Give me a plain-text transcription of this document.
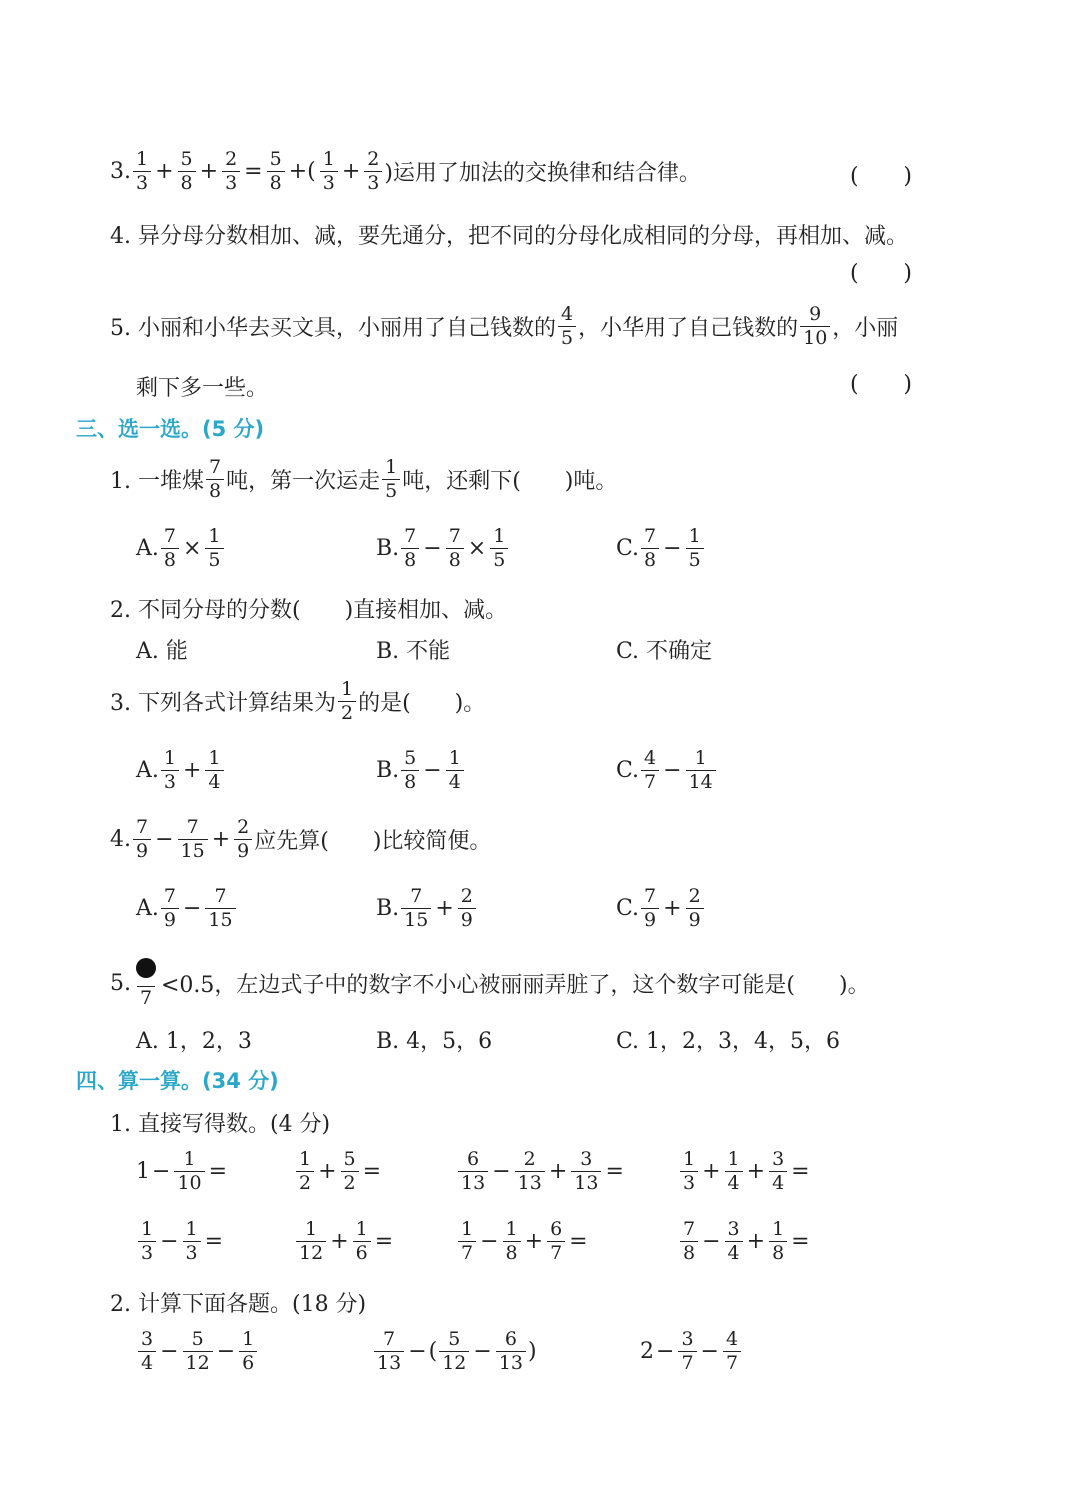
3. $\frac{1}{3} + \frac{5}{8} + \frac{2}{3} = \frac{5}{8}$ +( $\frac{1}{3} + \frac{2}{3}$ )运用了加法的交换律和结合律。	( )
4. 异分母分数相加、减，要先通分，把不同的分母化成相同的分母，再相加、减。
( )
5. 小丽和小华去买文具，小丽用了自己钱数的 $\frac{4}{5}$ ，小华用了自己钱数的 $\frac{9}{10}$ ，小丽
剩下多一些。	( )
三、选一选。(5 分)
1. 一堆煤 $\frac{7}{8}$ 吨，第一次运走 $\frac{1}{5}$ 吨，还剩下(　　)吨。
A. $\frac{7}{8} \times \frac{1}{5}$	B. $\frac{7}{8} - \frac{7}{8} \times \frac{1}{5}$	C. $\frac{7}{8} - \frac{1}{5}$
2. 不同分母的分数(　　)直接相加、减。
A. 能	B. 不能	C. 不确定
3. 下列各式计算结果为 $\frac{1}{2}$ 的是(　　)。
A. $\frac{1}{3} + \frac{1}{4}$	B. $\frac{5}{8} - \frac{1}{4}$	C. $\frac{4}{7} - \frac{1}{14}$
4. $\frac{7}{9} - \frac{7}{15} + \frac{2}{9}$ 应先算(　　)比较简便。
A. $\frac{7}{9} - \frac{7}{15}$	B. $\frac{7}{15} + \frac{2}{9}$	C. $\frac{7}{9} + \frac{2}{9}$
5.
7
<0.5，左边式子中的数字不小心被丽丽弄脏了，这个数字可能是(　　)。
A. 1，2，3	B. 4，5，6	C. 1，2，3，4，5，6
四、算一算。(34 分)
1. 直接写得数。(4 分)
$1 - \frac{1}{10}$ =	$\frac{1}{2} + \frac{5}{2}$ =	$\frac{6}{13} - \frac{2}{13} + \frac{3}{13}$ =	$\frac{1}{3} + \frac{1}{4} + \frac{3}{4}$ =
$\frac{1}{3} - \frac{1}{3}$ =	$\frac{1}{12} + \frac{1}{6}$ =	$\frac{1}{7} - \frac{1}{8} + \frac{6}{7}$ =	$\frac{7}{8} - \frac{3}{4} + \frac{1}{8}$ =
2. 计算下面各题。(18 分)
$\frac{3}{4} - \frac{5}{12} - \frac{1}{6}$	$\frac{7}{13}$ − ( $\frac{5}{12} - \frac{6}{13}$ )	$2 - \frac{3}{7} - \frac{4}{7}$
